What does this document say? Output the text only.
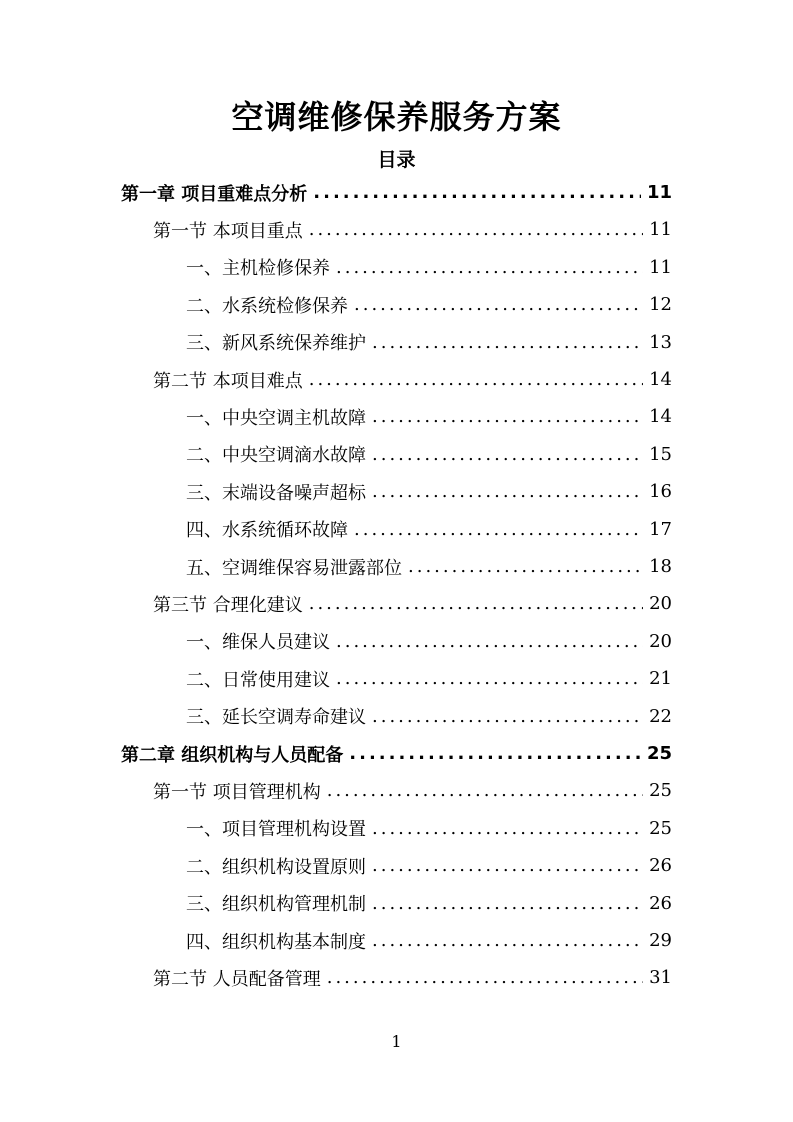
空调维修保养服务方案
目录
第一章 项目重难点分析 .....	11
第一节 本项目重点 .....	11
一、主机检修保养 .....	11
二、水系统检修保养 .....	12
三、新风系统保养维护 .....	13
第二节 本项目难点 .....	14
一、中央空调主机故障 .....	14
二、中央空调滴水故障 .....	15
三、末端设备噪声超标 .....	16
四、水系统循环故障 .....	17
五、空调维保容易泄露部位 .....	18
第三节 合理化建议 .....	20
一、维保人员建议 .....	20
二、日常使用建议 .....	21
三、延长空调寿命建议 .....	22
第二章 组织机构与人员配备 .....	25
第一节 项目管理机构 .....	25
一、项目管理机构设置 .....	25
二、组织机构设置原则 .....	26
三、组织机构管理机制 .....	26
四、组织机构基本制度 .....	29
第二节 人员配备管理 .....	31
1
